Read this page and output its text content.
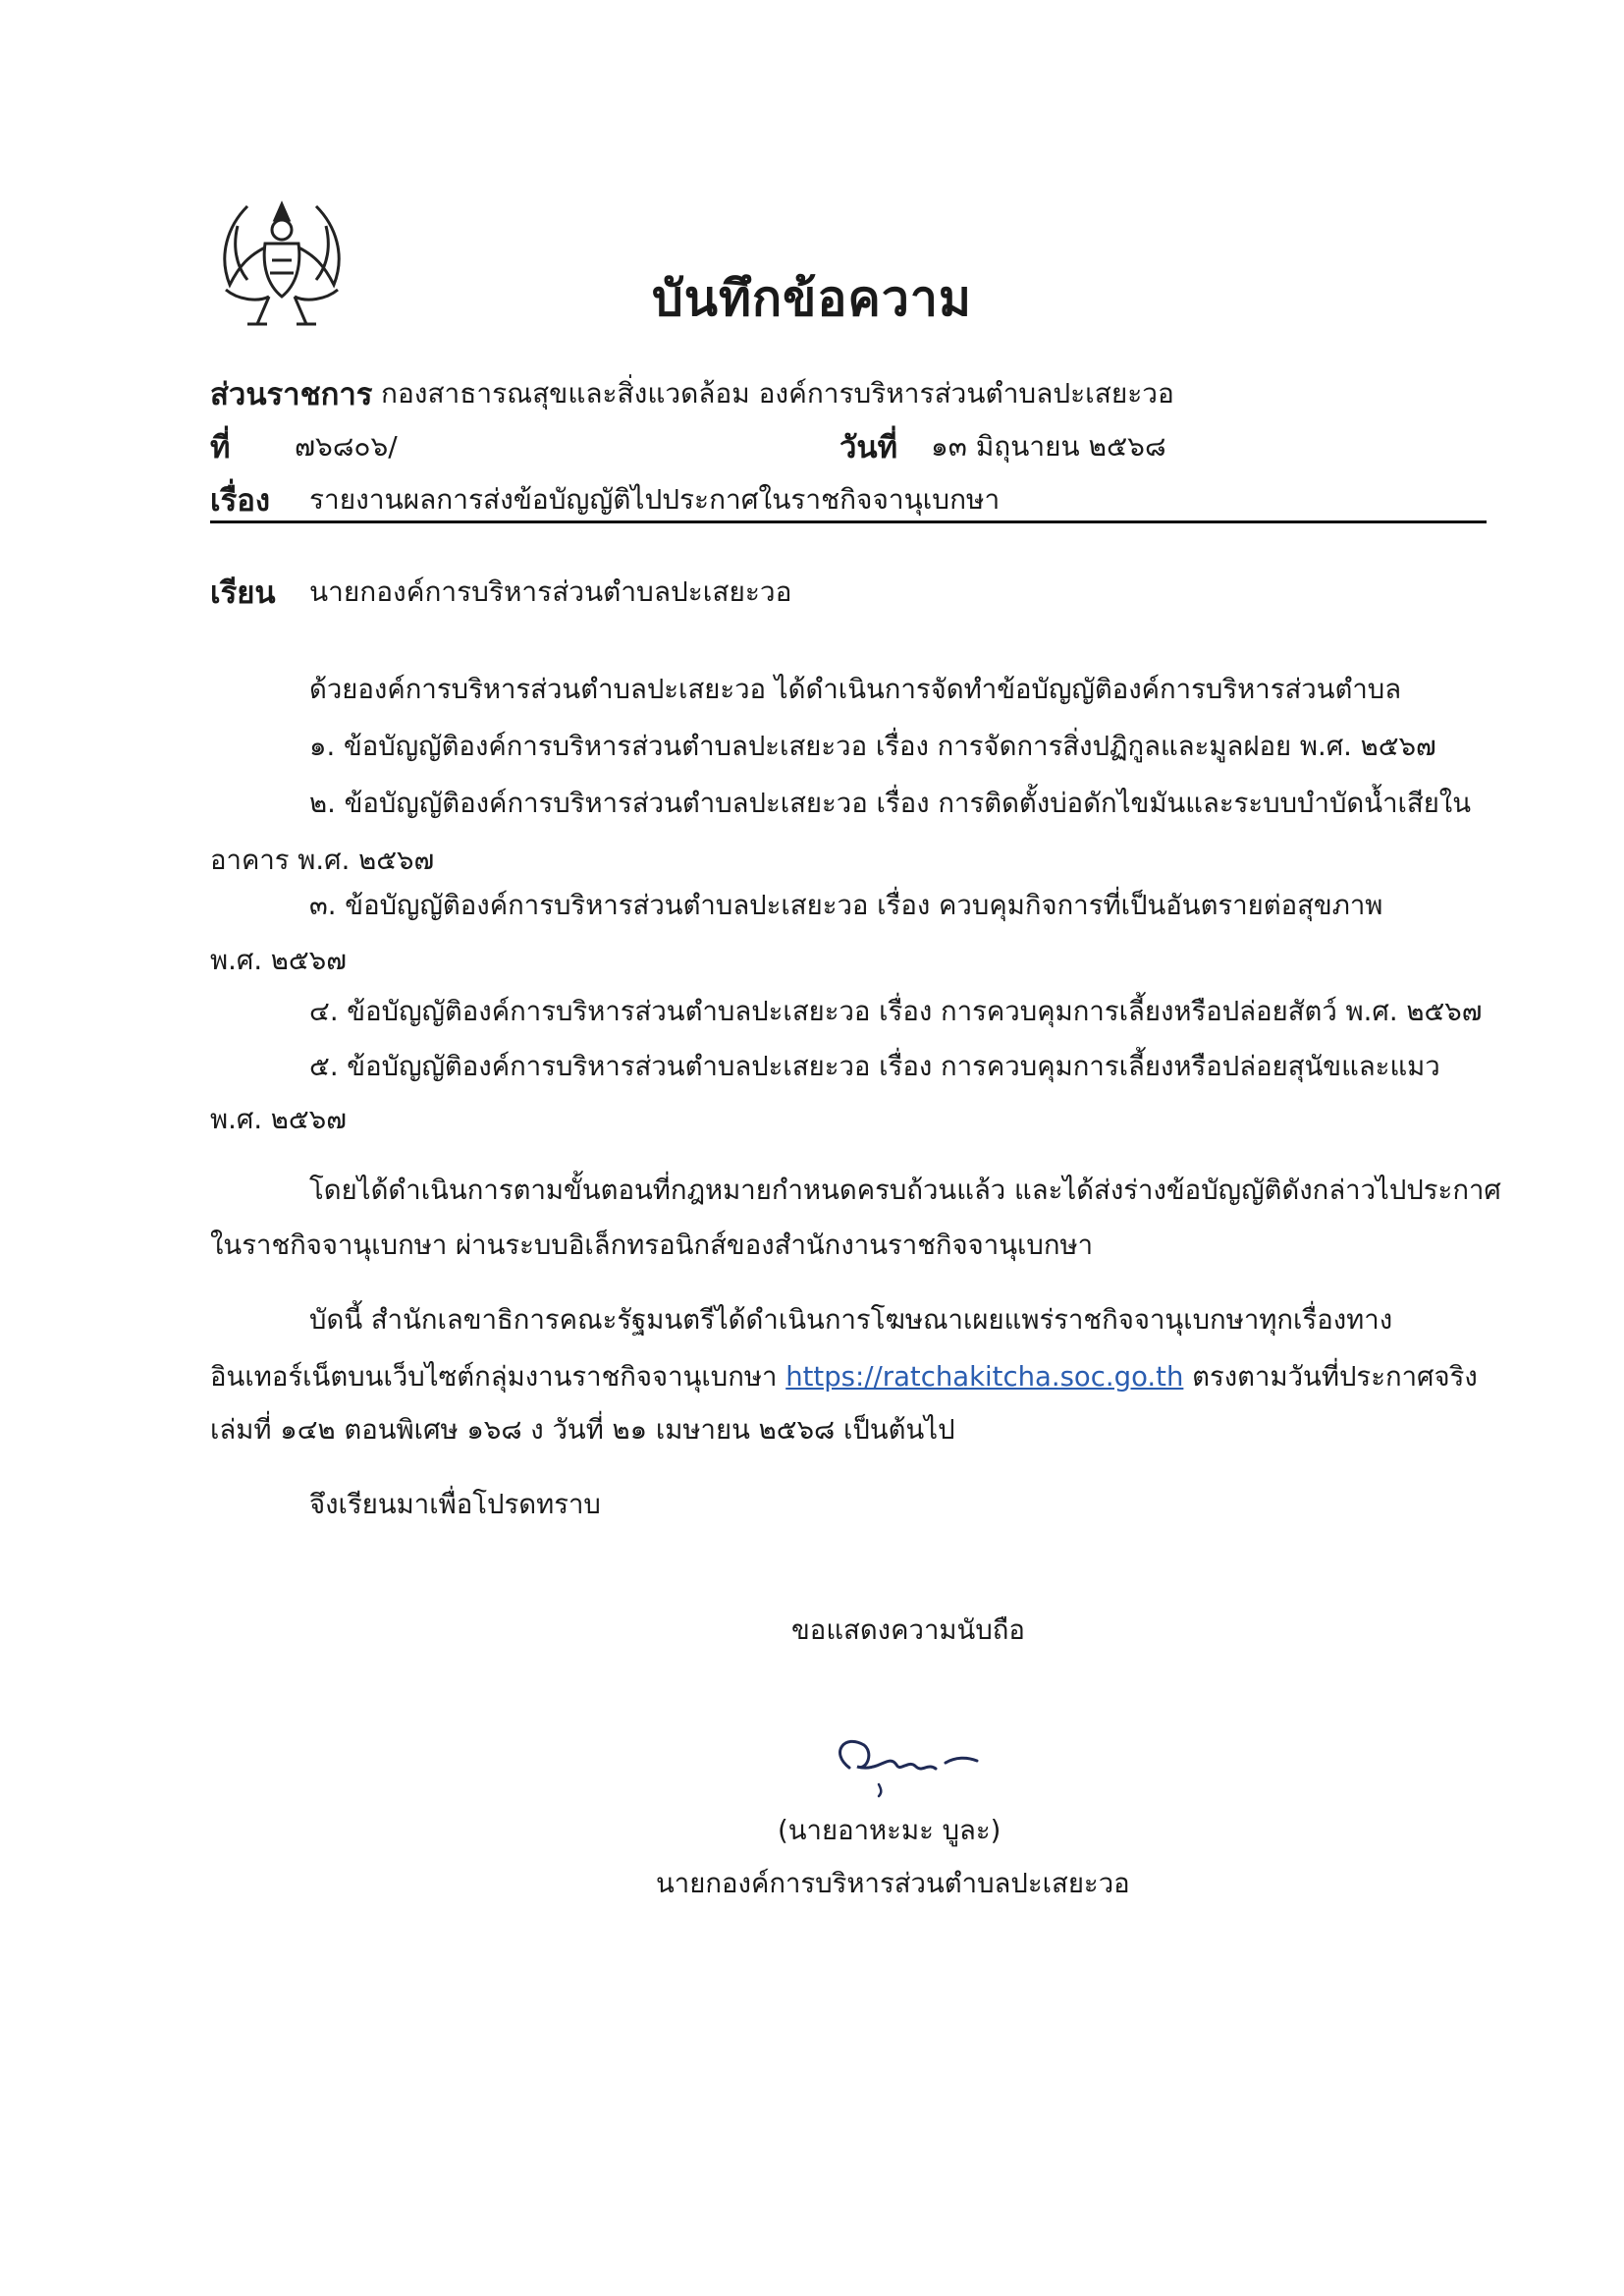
บันทึกข้อความ
ส่วนราชการ กองสาธารณสุขและสิ่งแวดล้อม องค์การบริหารส่วนตำบลปะเสยะวอ
ที่ ๗๖๘๐๖/	วันที่ ๑๓ มิถุนายน ๒๕๖๘
เรื่อง รายงานผลการส่งข้อบัญญัติไปประกาศในราชกิจจานุเบกษา
เรียน นายกองค์การบริหารส่วนตำบลปะเสยะวอ
ด้วยองค์การบริหารส่วนตำบลปะเสยะวอ ได้ดำเนินการจัดทำข้อบัญญัติองค์การบริหารส่วนตำบล
๑. ข้อบัญญัติองค์การบริหารส่วนตำบลปะเสยะวอ เรื่อง การจัดการสิ่งปฏิกูลและมูลฝอย พ.ศ. ๒๕๖๗
๒. ข้อบัญญัติองค์การบริหารส่วนตำบลปะเสยะวอ เรื่อง การติดตั้งบ่อดักไขมันและระบบบำบัดน้ำเสียใน
อาคาร พ.ศ. ๒๕๖๗
๓. ข้อบัญญัติองค์การบริหารส่วนตำบลปะเสยะวอ เรื่อง ควบคุมกิจการที่เป็นอันตรายต่อสุขภาพ
พ.ศ. ๒๕๖๗
๔. ข้อบัญญัติองค์การบริหารส่วนตำบลปะเสยะวอ เรื่อง การควบคุมการเลี้ยงหรือปล่อยสัตว์ พ.ศ. ๒๕๖๗
๕. ข้อบัญญัติองค์การบริหารส่วนตำบลปะเสยะวอ เรื่อง การควบคุมการเลี้ยงหรือปล่อยสุนัขและแมว
พ.ศ. ๒๕๖๗
โดยได้ดำเนินการตามขั้นตอนที่กฎหมายกำหนดครบถ้วนแล้ว และได้ส่งร่างข้อบัญญัติดังกล่าวไปประกาศ
ในราชกิจจานุเบกษา ผ่านระบบอิเล็กทรอนิกส์ของสำนักงานราชกิจจานุเบกษา
บัดนี้ สำนักเลขาธิการคณะรัฐมนตรีได้ดำเนินการโฆษณาเผยแพร่ราชกิจจานุเบกษาทุกเรื่องทาง
อินเทอร์เน็ตบนเว็บไซต์กลุ่มงานราชกิจจานุเบกษา https://ratchakitcha.soc.go.th ตรงตามวันที่ประกาศจริง
เล่มที่ ๑๔๒ ตอนพิเศษ ๑๖๘ ง วันที่ ๒๑ เมษายน ๒๕๖๘ เป็นต้นไป
จึงเรียนมาเพื่อโปรดทราบ
ขอแสดงความนับถือ
(นายอาหะมะ บูละ)
นายกองค์การบริหารส่วนตำบลปะเสยะวอ
